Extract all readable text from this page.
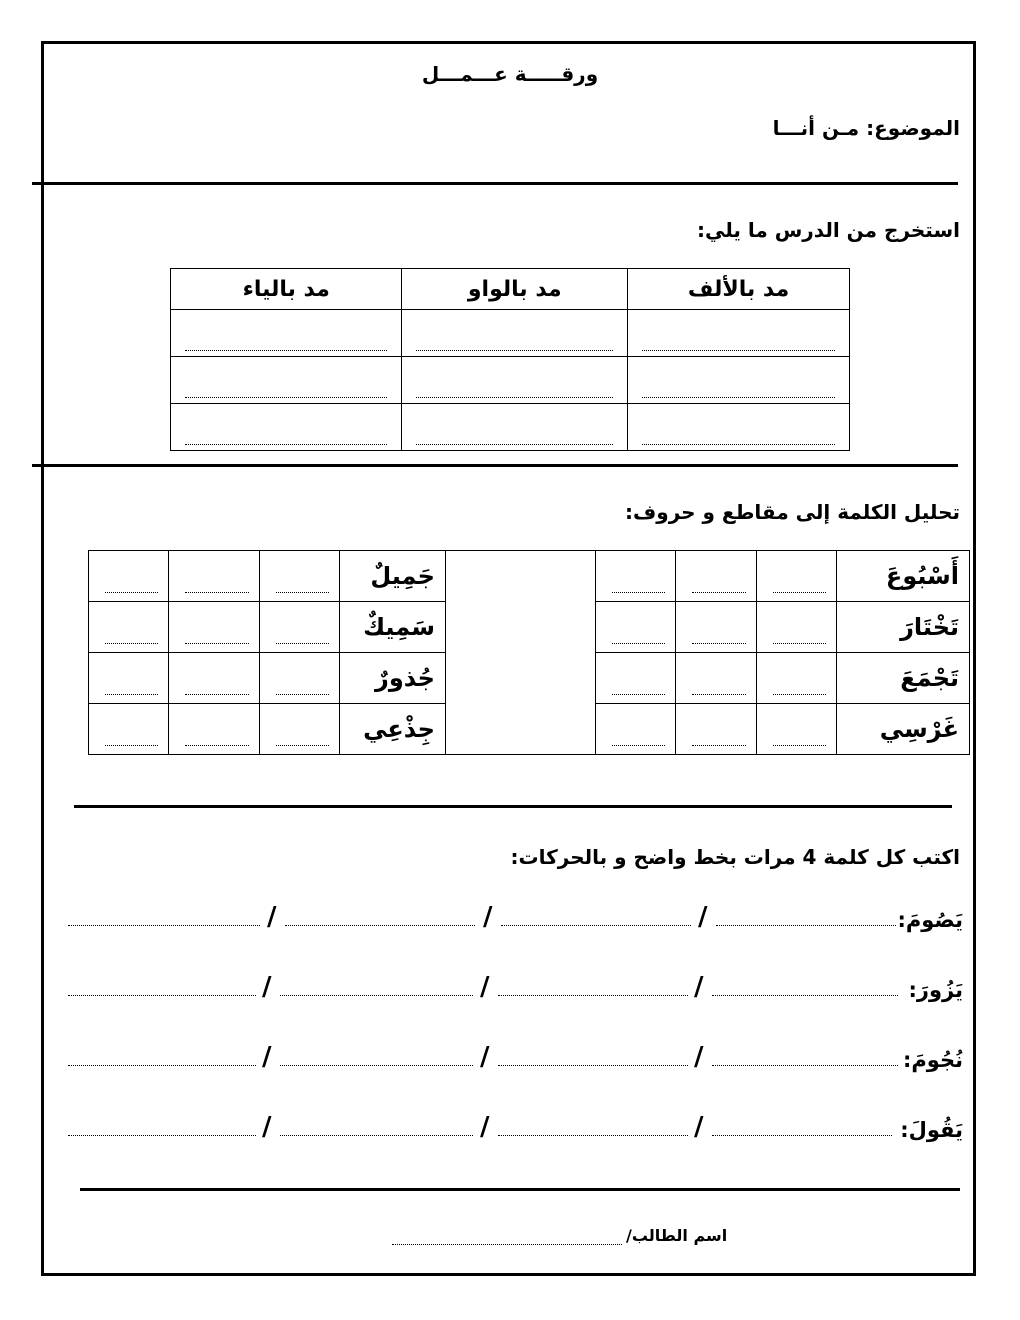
ورقـــــة عـــمـــل
الموضوع: مـن أنـــا
استخرج من الدرس ما يلي:
مد بالألف	مد بالواو	مد بالياء

تحليل الكلمة إلى مقاطع و حروف:

	جَمِيلٌ					أَسْبُوعَ

	سَمِيكٌ					تَخْتَارَ

	جُذورٌ					تَجْمَعَ

	جِذْعِي					غَرْسِي
اكتب كل كلمة 4 مرات بخط واضح و بالحركات:
يَصُومَ:
/
/
/
يَزُورَ:
/
/
/
نُجُومَ:
/
/
/
يَقُولَ:
/
/
/
اسم الطالب/
